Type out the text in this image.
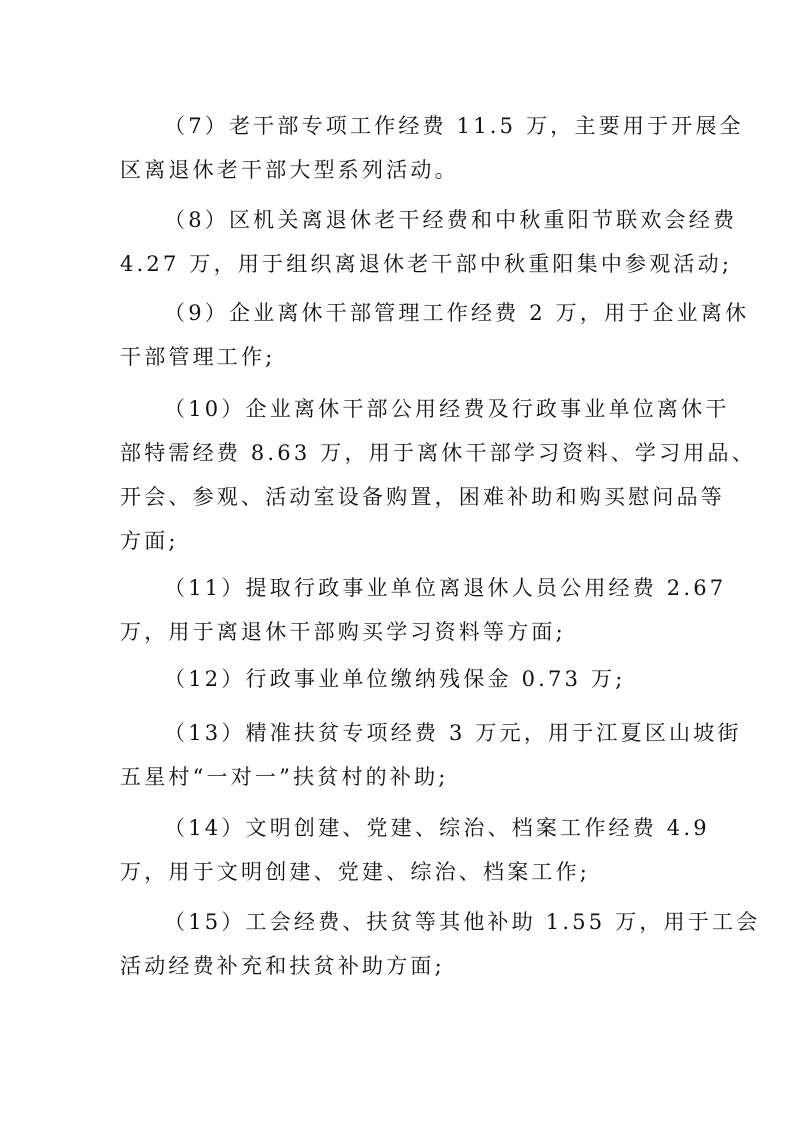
（7）老干部专项工作经费 11.5 万，主要用于开展全
区离退休老干部大型系列活动。

（8）区机关离退休老干经费和中秋重阳节联欢会经费
4.27 万，用于组织离退休老干部中秋重阳集中参观活动;

（9）企业离休干部管理工作经费 2 万，用于企业离休
干部管理工作;

（10）企业离休干部公用经费及行政事业单位离休干
部特需经费 8.63 万，用于离休干部学习资料、学习用品、
开会、参观、活动室设备购置，困难补助和购买慰问品等
方面;

（11）提取行政事业单位离退休人员公用经费 2.67
万，用于离退休干部购买学习资料等方面;

（12）行政事业单位缴纳残保金 0.73 万;

（13）精准扶贫专项经费 3 万元，用于江夏区山坡街
五星村“一对一”扶贫村的补助;

（14）文明创建、党建、综治、档案工作经费 4.9
万，用于文明创建、党建、综治、档案工作;

（15）工会经费、扶贫等其他补助 1.55 万，用于工会
活动经费补充和扶贫补助方面;
